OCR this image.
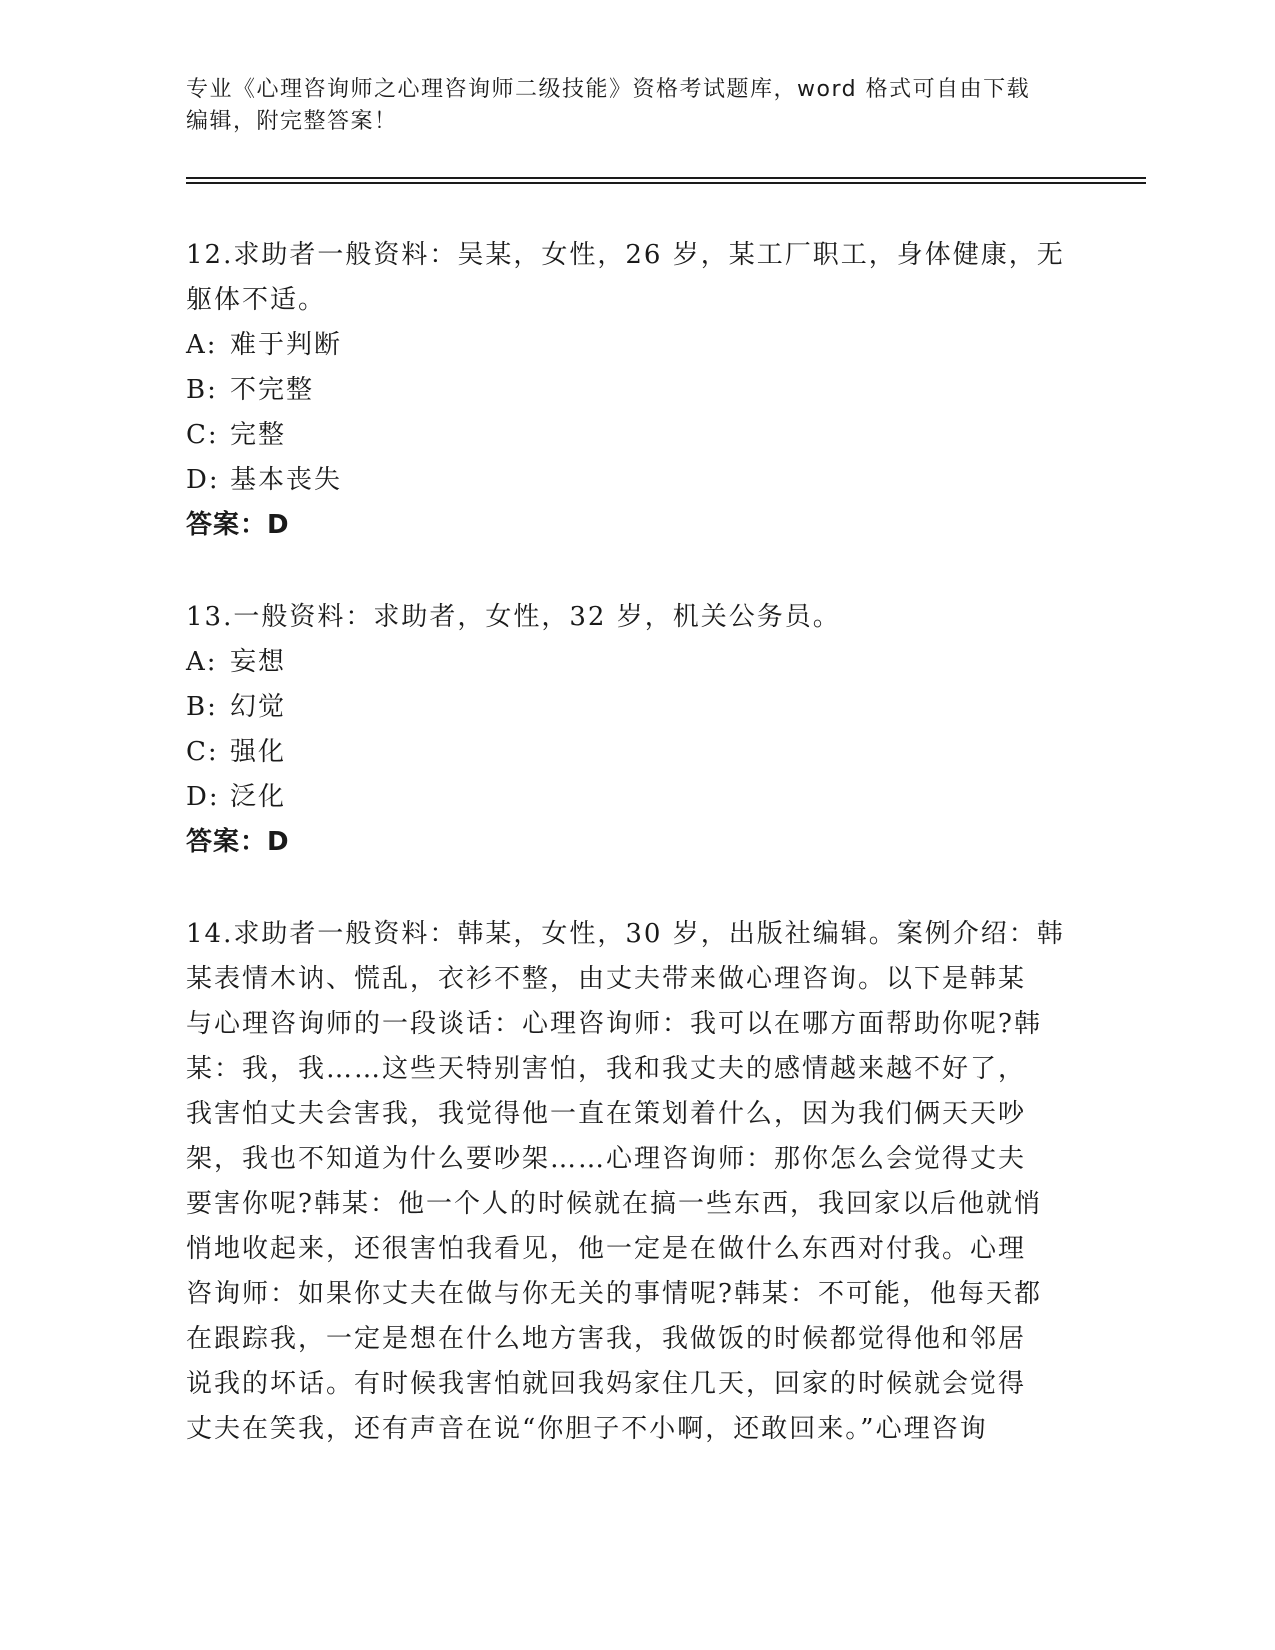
专业《心理咨询师之心理咨询师二级技能》资格考试题库，word 格式可自由下载
编辑，附完整答案！

12.求助者一般资料：吴某，女性，26 岁，某工厂职工，身体健康，无

躯体不适。

A: 难于判断

B: 不完整

C: 完整

D: 基本丧失

答案：D

13.一般资料：求助者，女性，32 岁，机关公务员。

A: 妄想

B: 幻觉

C: 强化

D: 泛化

答案：D

14.求助者一般资料：韩某，女性，30 岁，出版社编辑。案例介绍：韩

某表情木讷、慌乱，衣衫不整，由丈夫带来做心理咨询。以下是韩某

与心理咨询师的一段谈话：心理咨询师：我可以在哪方面帮助你呢?韩

某：我，我……这些天特别害怕，我和我丈夫的感情越来越不好了，

我害怕丈夫会害我，我觉得他一直在策划着什么，因为我们俩天天吵

架，我也不知道为什么要吵架……心理咨询师：那你怎么会觉得丈夫

要害你呢?韩某：他一个人的时候就在搞一些东西，我回家以后他就悄

悄地收起来，还很害怕我看见，他一定是在做什么东西对付我。心理

咨询师：如果你丈夫在做与你无关的事情呢?韩某：不可能，他每天都

在跟踪我，一定是想在什么地方害我，我做饭的时候都觉得他和邻居

说我的坏话。有时候我害怕就回我妈家住几天，回家的时候就会觉得

丈夫在笑我，还有声音在说“你胆子不小啊，还敢回来。”心理咨询
